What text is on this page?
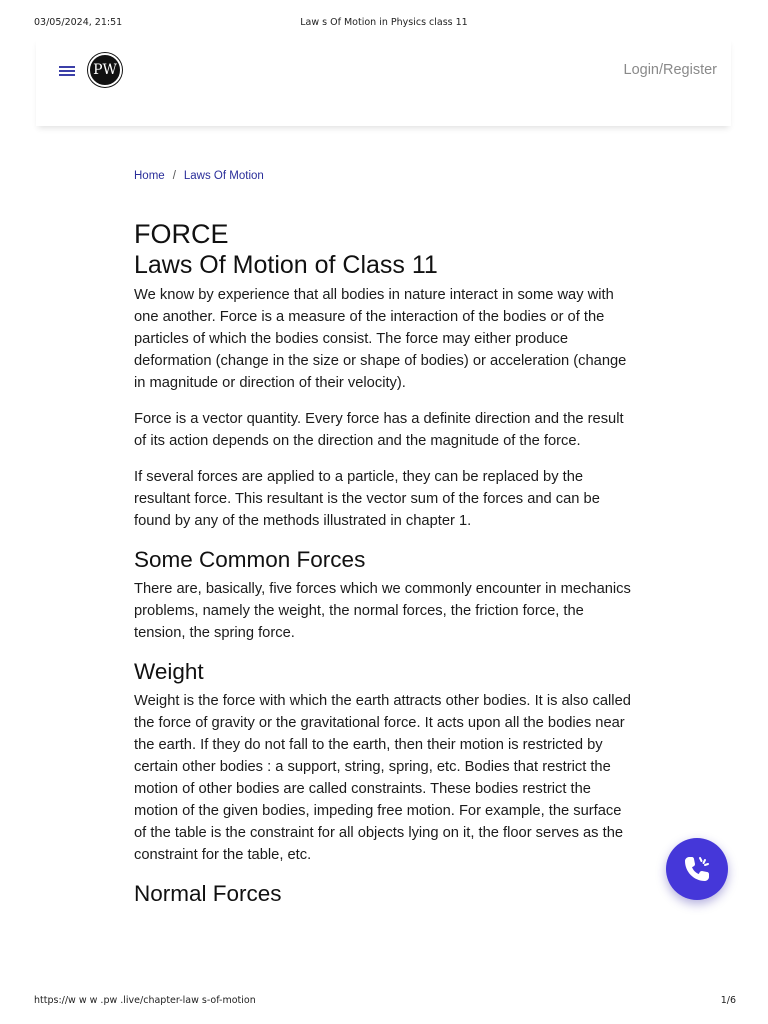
03/05/2024, 21:51	Law s Of Motion in Physics class 11
PW	Login/Register
Home / Laws Of Motion
FORCE
Laws Of Motion of Class 11

We know by experience that all bodies in nature interact in some way with one another. Force is a measure of the interaction of the bodies or of the particles of which the bodies consist. The force may either produce deformation (change in the size or shape of bodies) or acceleration (change in magnitude or direction of their velocity).

Force is a vector quantity. Every force has a definite direction and the result of its action depends on the direction and the magnitude of the force.

If several forces are applied to a particle, they can be replaced by the resultant force. This resultant is the vector sum of the forces and can be found by any of the methods illustrated in chapter 1.

Some Common Forces

There are, basically, five forces which we commonly encounter in mechanics problems, namely the weight, the normal forces, the friction force, the tension, the spring force.

Weight

Weight is the force with which the earth attracts other bodies. It is also called the force of gravity or the gravitational force. It acts upon all the bodies near the earth. If they do not fall to the earth, then their motion is restricted by certain other bodies : a support, string, spring, etc. Bodies that restrict the motion of other bodies are called constraints. These bodies restrict the motion of the given bodies, impeding free motion. For example, the surface of the table is the constraint for all objects lying on it, the floor serves as the constraint for the table, etc.

Normal Forces
https://w w w .pw .live/chapter-law s-of-motion	1/6
